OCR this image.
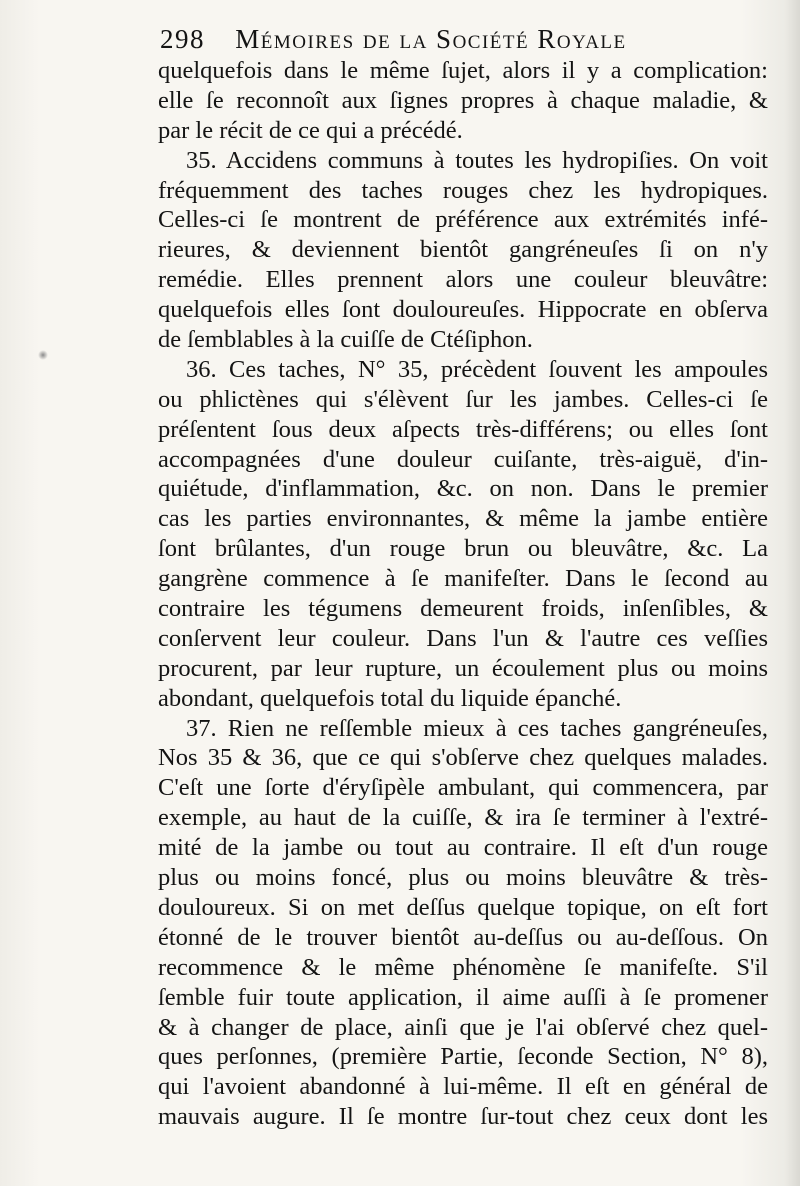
298 Mémoires de la Société Royale
quelquefois dans le même ſujet, alors il y a complication:
elle ſe reconnoît aux ſignes propres à chaque maladie, &
par le récit de ce qui a précédé.
35. Accidens communs à toutes les hydropiſies. On voit
fréquemment des taches rouges chez les hydropiques.
Celles-ci ſe montrent de préférence aux extrémités infé-
rieures, & deviennent bientôt gangréneuſes ſi on n'y
remédie. Elles prennent alors une couleur bleuvâtre:
quelquefois elles ſont douloureuſes. Hippocrate en obſerva
de ſemblables à la cuiſſe de Ctéſiphon.
36. Ces taches, N° 35, précèdent ſouvent les ampoules
ou phlictènes qui s'élèvent ſur les jambes. Celles-ci ſe
préſentent ſous deux aſpects très-différens; ou elles ſont
accompagnées d'une douleur cuiſante, très-aiguë, d'in-
quiétude, d'inflammation, &c. on non. Dans le premier
cas les parties environnantes, & même la jambe entière
ſont brûlantes, d'un rouge brun ou bleuvâtre, &c. La
gangrène commence à ſe manifeſter. Dans le ſecond au
contraire les tégumens demeurent froids, inſenſibles, &
conſervent leur couleur. Dans l'un & l'autre ces veſſies
procurent, par leur rupture, un écoulement plus ou moins
abondant, quelquefois total du liquide épanché.
37. Rien ne reſſemble mieux à ces taches gangréneuſes,
Nos 35 & 36, que ce qui s'obſerve chez quelques malades.
C'eſt une ſorte d'éryſipèle ambulant, qui commencera, par
exemple, au haut de la cuiſſe, & ira ſe terminer à l'extré-
mité de la jambe ou tout au contraire. Il eſt d'un rouge
plus ou moins foncé, plus ou moins bleuvâtre & très-
douloureux. Si on met deſſus quelque topique, on eſt fort
étonné de le trouver bientôt au-deſſus ou au-deſſous. On
recommence & le même phénomène ſe manifeſte. S'il
ſemble fuir toute application, il aime auſſi à ſe promener
& à changer de place, ainſi que je l'ai obſervé chez quel-
ques perſonnes, (première Partie, ſeconde Section, N° 8),
qui l'avoient abandonné à lui-même. Il eſt en général de
mauvais augure. Il ſe montre ſur-tout chez ceux dont les
